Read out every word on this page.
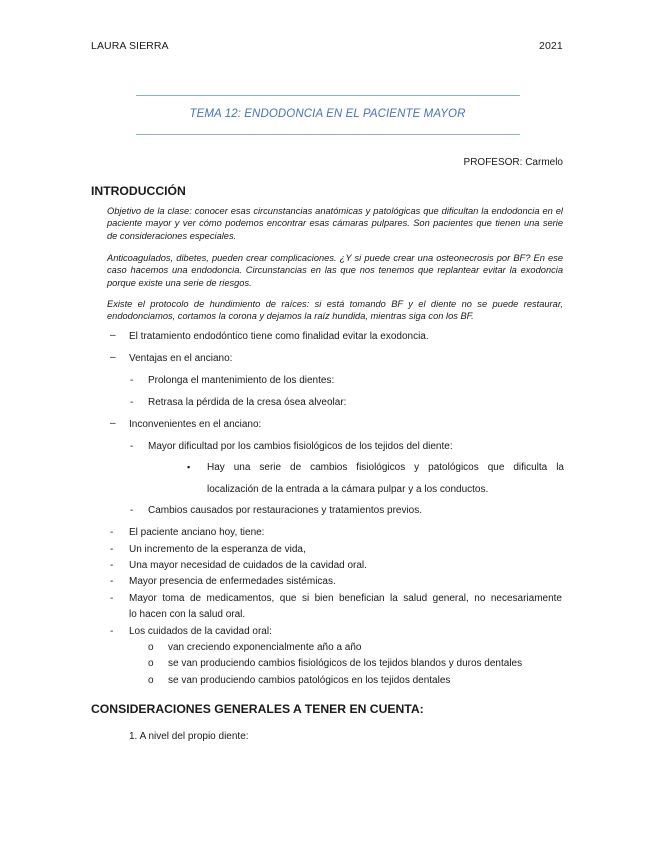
LAURA SIERRA	2021
TEMA 12: ENDODONCIA EN EL PACIENTE MAYOR
PROFESOR: Carmelo
INTRODUCCIÓN
Objetivo de la clase: conocer esas circunstancias anatómicas y patológicas que dificultan la endodoncia en el paciente mayor y ver cómo podemos encontrar esas cámaras pulpares. Son pacientes que tienen una serie de consideraciones especiales.
Anticoagulados, dibetes, pueden crear complicaciones. ¿Y si puede crear una osteonecrosis por BF? En ese caso hacemos una endodoncia. Circunstancias en las que nos tenemos que replantear evitar la exodoncia porque existe una serie de riesgos.
Existe el protocolo de hundimiento de raíces: si está tomando BF y el diente no se puede restaurar, endodonciamos, cortamos la corona y dejamos la raíz hundida, mientras siga con los BF.
– El tratamiento endodóntico tiene como finalidad evitar la exodoncia.
– Ventajas en el anciano:
- Prolonga el mantenimiento de los dientes:
- Retrasa la pérdida de la cresa ósea alveolar:
– Inconvenientes en el anciano:
- Mayor dificultad por los cambios fisiológicos de los tejidos del diente:
▪ Hay una serie de cambios fisiológicos y patológicos que dificulta la
localización de la entrada a la cámara pulpar y a los conductos.
- Cambios causados por restauraciones y tratamientos previos.
- El paciente anciano hoy, tiene:
- Un incremento de la esperanza de vida,
- Una mayor necesidad de cuidados de la cavidad oral.
- Mayor presencia de enfermedades sistémicas.
- Mayor toma de medicamentos, que si bien benefician la salud general, no necesariamente
lo hacen con la salud oral.
- Los cuidados de la cavidad oral:
o van creciendo exponencialmente año a año
o se van produciendo cambios fisiológicos de los tejidos blandos y duros dentales
o se van produciendo cambios patológicos en los tejidos dentales
CONSIDERACIONES GENERALES A TENER EN CUENTA:
1. A nivel del propio diente:
